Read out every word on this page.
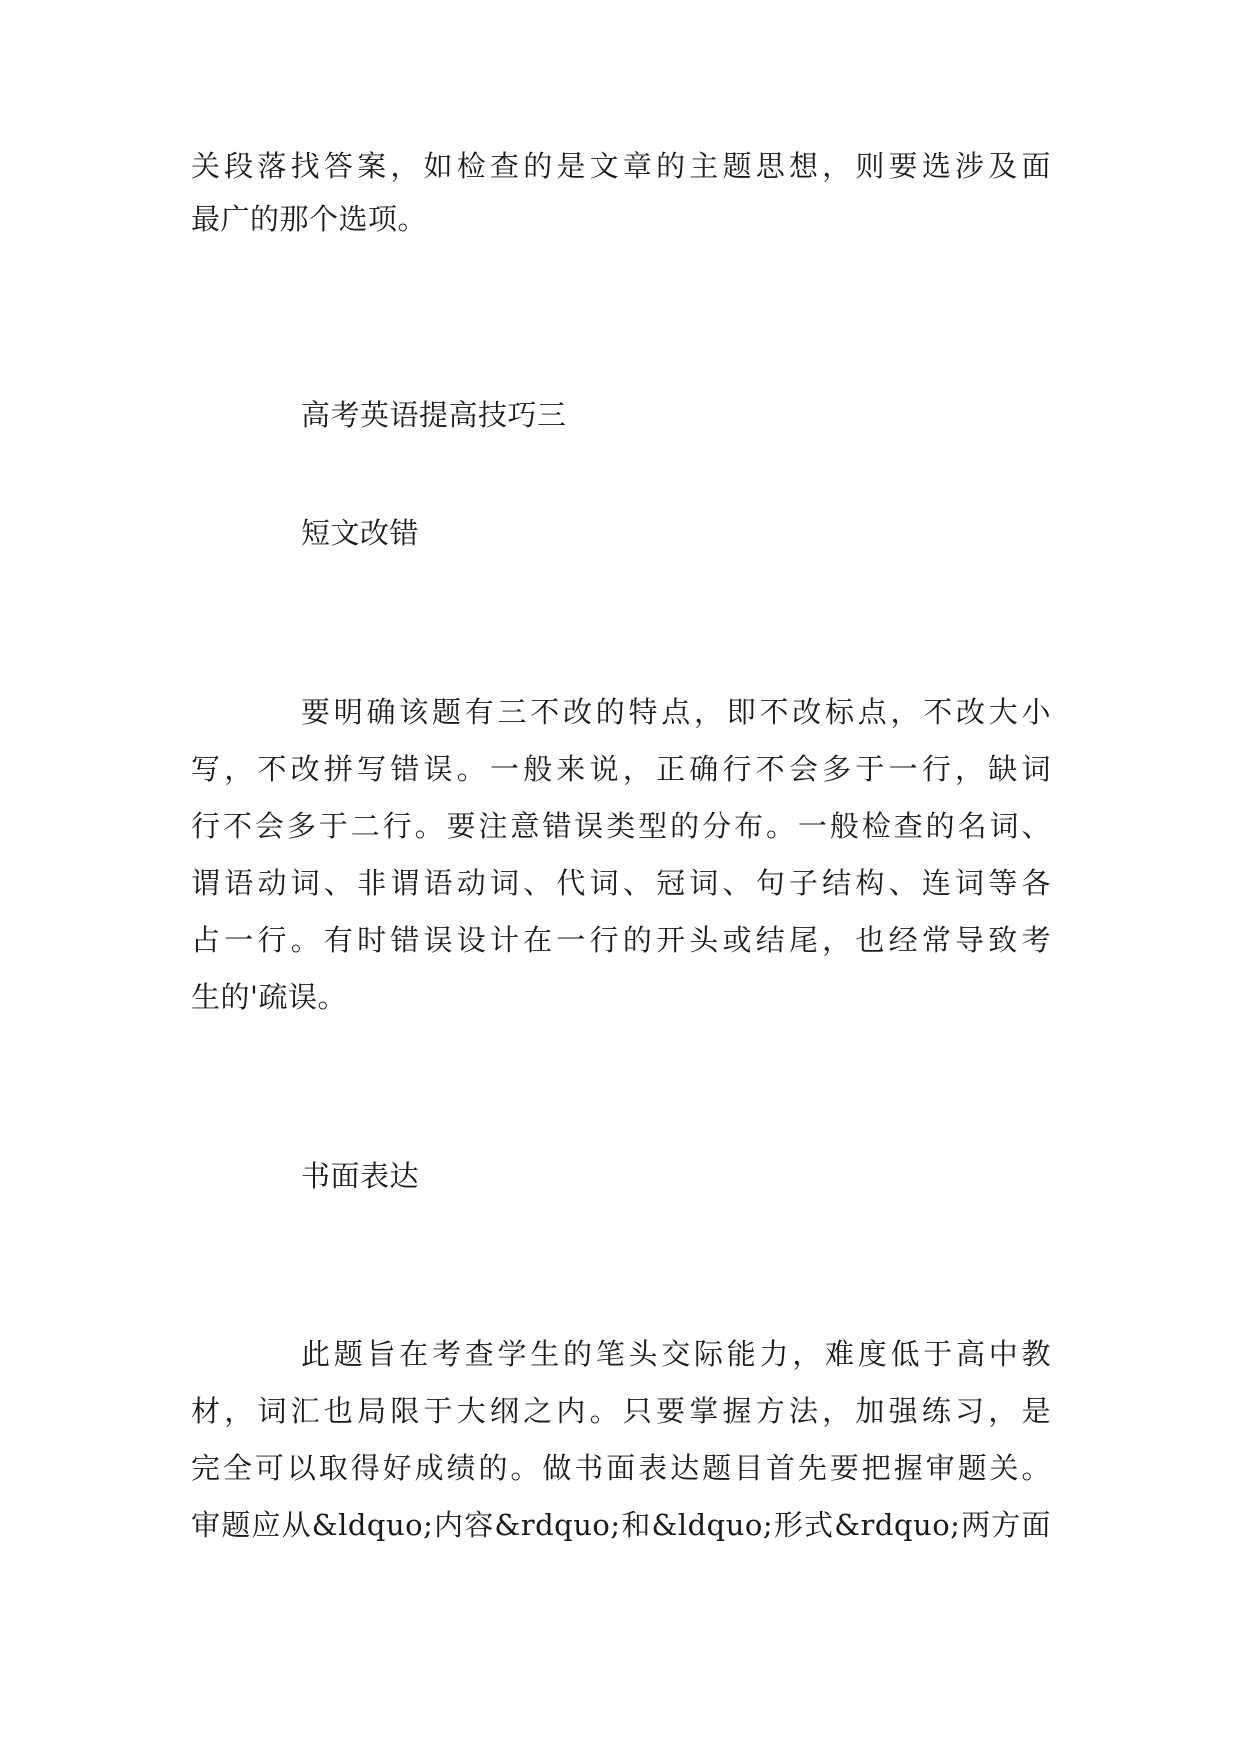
关段落找答案，如检查的是文章的主题思想，则要选涉及面
最广的那个选项。
高考英语提高技巧三
短文改错
要明确该题有三不改的特点，即不改标点，不改大小
写，不改拼写错误。一般来说，正确行不会多于一行，缺词
行不会多于二行。要注意错误类型的分布。一般检查的名词、
谓语动词、非谓语动词、代词、冠词、句子结构、连词等各
占一行。有时错误设计在一行的开头或结尾，也经常导致考
生的'疏误。
书面表达
此题旨在考查学生的笔头交际能力，难度低于高中教
材，词汇也局限于大纲之内。只要掌握方法，加强练习，是
完全可以取得好成绩的。做书面表达题目首先要把握审题关。
审题应从&ldquo;内容&rdquo;和&ldquo;形式&rdquo;两方面
